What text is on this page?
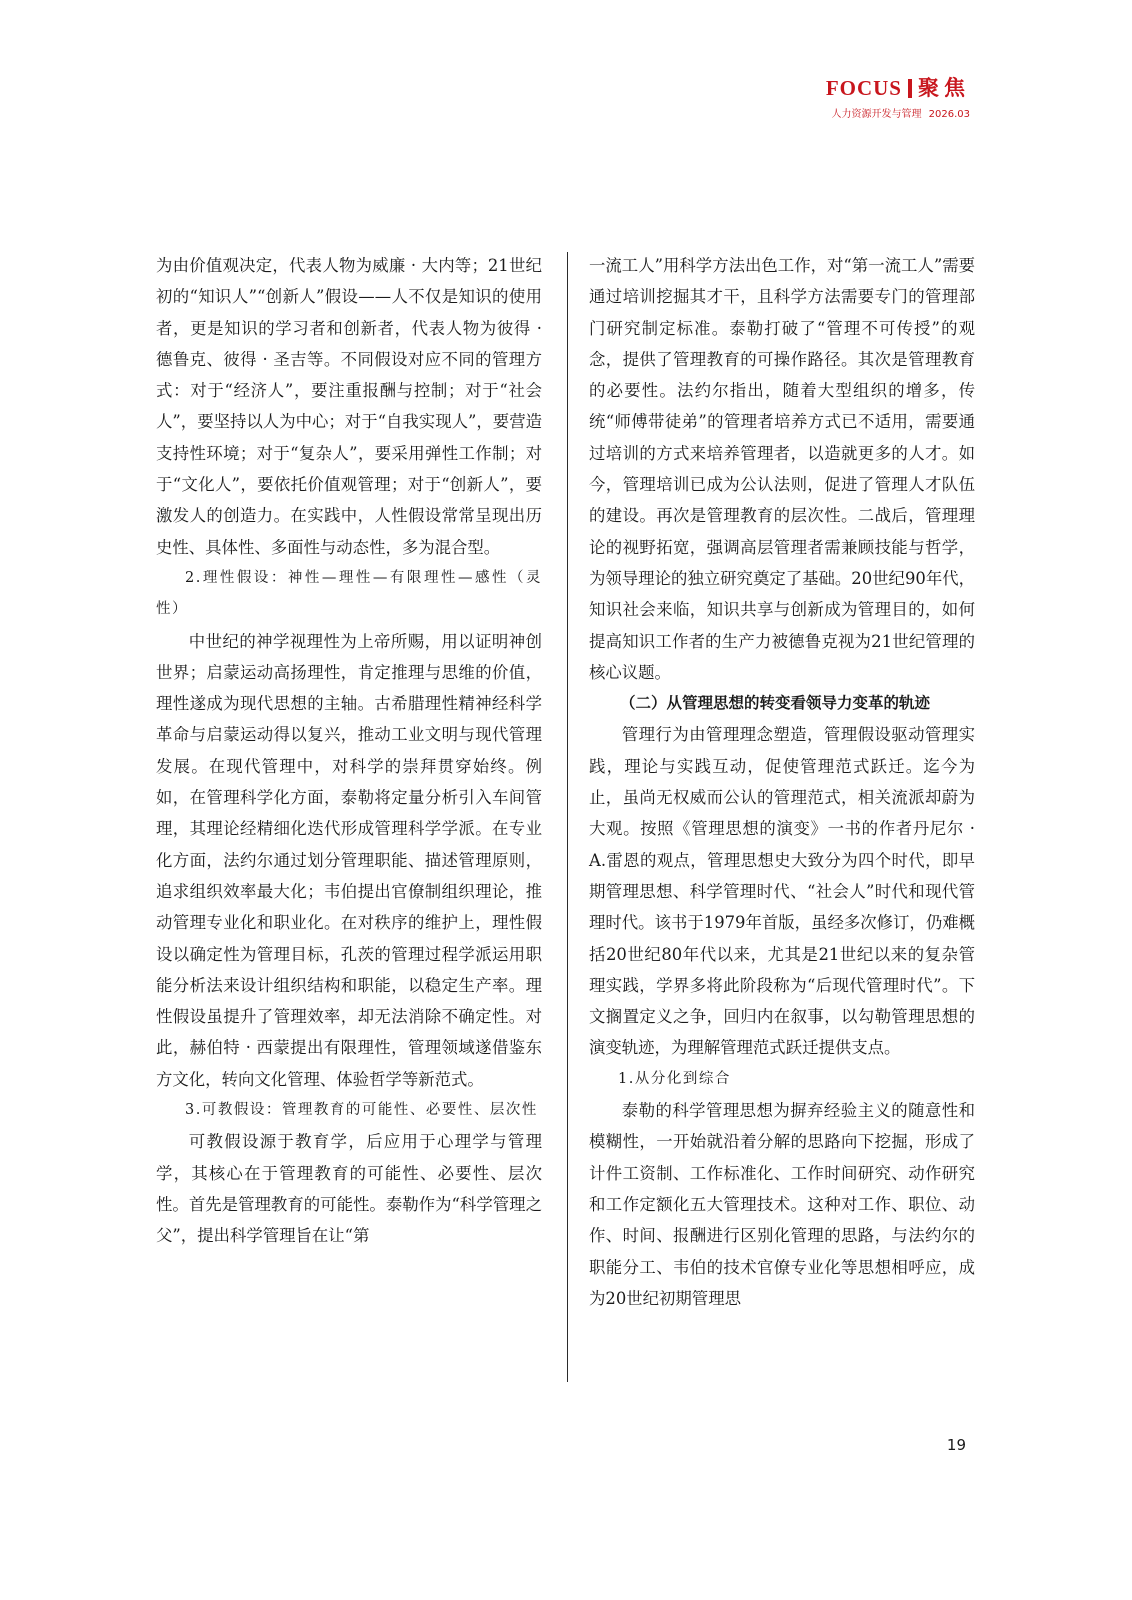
FOCUS 聚焦
人力资源开发与管理 2026.03

为由价值观决定，代表人物为威廉 · 大内等；21世纪初的“知识人”“创新人”假设——人不仅是知识的使用者，更是知识的学习者和创新者，代表人物为彼得 · 德鲁克、彼得 · 圣吉等。不同假设对应不同的管理方式：对于“经济人”，要注重报酬与控制；对于“社会人”，要坚持以人为中心；对于“自我实现人”，要营造支持性环境；对于“复杂人”，要采用弹性工作制；对于“文化人”，要依托价值观管理；对于“创新人”，要激发人的创造力。在实践中，人性假设常常呈现出历史性、具体性、多面性与动态性，多为混合型。

2.理性假设：神性—理性—有限理性—感性（灵性）

中世纪的神学视理性为上帝所赐，用以证明神创世界；启蒙运动高扬理性，肯定推理与思维的价值，理性遂成为现代思想的主轴。古希腊理性精神经科学革命与启蒙运动得以复兴，推动工业文明与现代管理发展。在现代管理中，对科学的崇拜贯穿始终。例如，在管理科学化方面，泰勒将定量分析引入车间管理，其理论经精细化迭代形成管理科学学派。在专业化方面，法约尔通过划分管理职能、描述管理原则，追求组织效率最大化；韦伯提出官僚制组织理论，推动管理专业化和职业化。在对秩序的维护上，理性假设以确定性为管理目标，孔茨的管理过程学派运用职能分析法来设计组织结构和职能，以稳定生产率。理性假设虽提升了管理效率，却无法消除不确定性。对此，赫伯特 · 西蒙提出有限理性，管理领域遂借鉴东方文化，转向文化管理、体验哲学等新范式。

3.可教假设：管理教育的可能性、必要性、层次性

可教假设源于教育学，后应用于心理学与管理学，其核心在于管理教育的可能性、必要性、层次性。首先是管理教育的可能性。泰勒作为“科学管理之父”，提出科学管理旨在让“第

一流工人”用科学方法出色工作，对“第一流工人”需要通过培训挖掘其才干，且科学方法需要专门的管理部门研究制定标准。泰勒打破了“管理不可传授”的观念，提供了管理教育的可操作路径。其次是管理教育的必要性。法约尔指出，随着大型组织的增多，传统“师傅带徒弟”的管理者培养方式已不适用，需要通过培训的方式来培养管理者，以造就更多的人才。如今，管理培训已成为公认法则，促进了管理人才队伍的建设。再次是管理教育的层次性。二战后，管理理论的视野拓宽，强调高层管理者需兼顾技能与哲学，为领导理论的独立研究奠定了基础。20世纪90年代，知识社会来临，知识共享与创新成为管理目的，如何提高知识工作者的生产力被德鲁克视为21世纪管理的核心议题。

（二）从管理思想的转变看领导力变革的轨迹

管理行为由管理理念塑造，管理假设驱动管理实践，理论与实践互动，促使管理范式跃迁。迄今为止，虽尚无权威而公认的管理范式，相关流派却蔚为大观。按照《管理思想的演变》一书的作者丹尼尔 · A.雷恩的观点，管理思想史大致分为四个时代，即早期管理思想、科学管理时代、“社会人”时代和现代管理时代。该书于1979年首版，虽经多次修订，仍难概括20世纪80年代以来，尤其是21世纪以来的复杂管理实践，学界多将此阶段称为“后现代管理时代”。下文搁置定义之争，回归内在叙事，以勾勒管理思想的演变轨迹，为理解管理范式跃迁提供支点。

1.从分化到综合

泰勒的科学管理思想为摒弃经验主义的随意性和模糊性，一开始就沿着分解的思路向下挖掘，形成了计件工资制、工作标准化、工作时间研究、动作研究和工作定额化五大管理技术。这种对工作、职位、动作、时间、报酬进行区别化管理的思路，与法约尔的职能分工、韦伯的技术官僚专业化等思想相呼应，成为20世纪初期管理思

19
